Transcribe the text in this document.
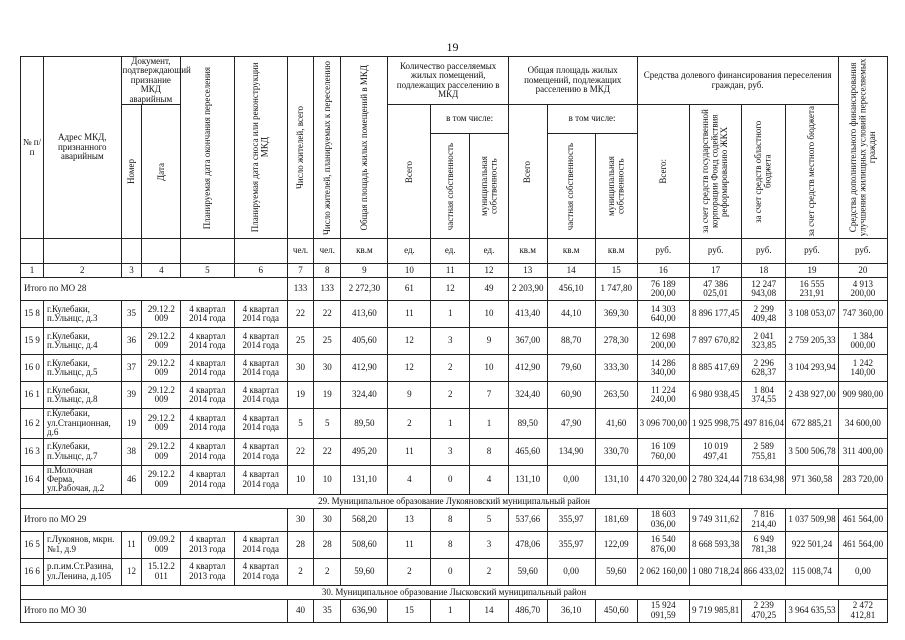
19
№ п/ п	Адрес МКД, признанного аварийным	Документ, подтверждающий признание МКД аварийным		Планируемая дата окончания переселения	Планируемая дата сноса или реконструкции МКД	Число жителей, всего	Число жителей, планируемых к переселению	Общая площадь жилых помещений в МКД	Количество расселяемых жилых помещений, подлежащих расселению в МКД			Общая площадь жилых помещений, подлежащих расселению в МКД			Средства долевого финансирования переселения граждан, руб.				Средства дополнительного финансирования улучшения жилищных условий переселяемых граждан

		Номер	Дата						Всего	в том числе:		Всего	в том числе:		Всего:	за счет средств государственной корпорации Фонд содействия реформированию ЖКХ	за счет средств областного бюджета	за счет средств местного бюджета	

										частная собственность	муниципальная собственность		частная собственность	муниципальная собственность					

						чел.	чел.	кв.м	ед.	ед.	ед.	кв.м	кв.м	кв.м	руб.	руб.	руб.	руб.	руб.
1	2	3	4	5	6	7	8	9	10	11	12	13	14	15	16	17	18	19	20
Итого по МО 28						133	133	2 272,30	61	12	49	2 203,90	456,10	1 747,80	76 189 200,00	47 386 025,01	12 247 943,08	16 555 231,91	4 913 200,00
15 8	г.Кулебаки, п.Ульнцс, д.3	35	29.12.2 009	4 квартал 2014 года	4 квартал 2014 года	22	22	413,60	11	1	10	413,40	44,10	369,30	14 303 640,00	8 896 177,45	2 299 409,48	3 108 053,07	747 360,00
15 9	г.Кулебаки, п.Ульнцс, д.4	36	29.12.2 009	4 квартал 2014 года	4 квартал 2014 года	25	25	405,60	12	3	9	367,00	88,70	278,30	12 698 200,00	7 897 670,82	2 041 323,85	2 759 205,33	1 384 000,00
16 0	г.Кулебаки, п.Ульнцс, д.5	37	29.12.2 009	4 квартал 2014 года	4 квартал 2014 года	30	30	412,90	12	2	10	412,90	79,60	333,30	14 286 340,00	8 885 417,69	2 296 628,37	3 104 293,94	1 242 140,00
16 1	г.Кулебаки, п.Ульнцс, д.8	39	29.12.2 009	4 квартал 2014 года	4 квартал 2014 года	19	19	324,40	9	2	7	324,40	60,90	263,50	11 224 240,00	6 980 938,45	1 804 374,55	2 438 927,00	909 980,00
16 2	г.Кулебаки, ул.Станционная, д.6	19	29.12.2 009	4 квартал 2014 года	4 квартал 2014 года	5	5	89,50	2	1	1	89,50	47,90	41,60	3 096 700,00	1 925 998,75	497 816,04	672 885,21	34 600,00
16 3	г.Кулебаки, п.Ульнцс, д.7	38	29.12.2 009	4 квартал 2014 года	4 квартал 2014 года	22	22	495,20	11	3	8	465,60	134,90	330,70	16 109 760,00	10 019 497,41	2 589 755,81	3 500 506,78	311 400,00
16 4	п.Молочная Ферма, ул.Рабочая, д.2	46	29.12.2 009	4 квартал 2014 года	4 квартал 2014 года	10	10	131,10	4	0	4	131,10	0,00	131,10	4 470 320,00	2 780 324,44	718 634,98	971 360,58	283 720,00
29. Муниципальное образование Лукояновский муниципальный район																			
Итого по МО 29						30	30	568,20	13	8	5	537,66	355,97	181,69	18 603 036,00	9 749 311,62	7 816 214,40	1 037 509,98	461 564,00
16 5	г.Лукоянов, мкрн. №1, д.9	11	09.09.2 009	4 квартал 2013 года	4 квартал 2014 года	28	28	508,60	11	8	3	478,06	355,97	122,09	16 540 876,00	8 668 593,38	6 949 781,38	922 501,24	461 564,00
16 6	р.п.им.Ст.Разина, ул.Ленина, д.105	12	15.12.2 011	4 квартал 2013 года	4 квартал 2014 года	2	2	59,60	2	0	2	59,60	0,00	59,60	2 062 160,00	1 080 718,24	866 433,02	115 008,74	0,00
30. Муниципальное образование Лысковский муниципальный район																			
Итого по МО 30						40	35	636,90	15	1	14	486,70	36,10	450,60	15 924 091,59	9 719 985,81	2 239 470,25	3 964 635,53	2 472 412,81
